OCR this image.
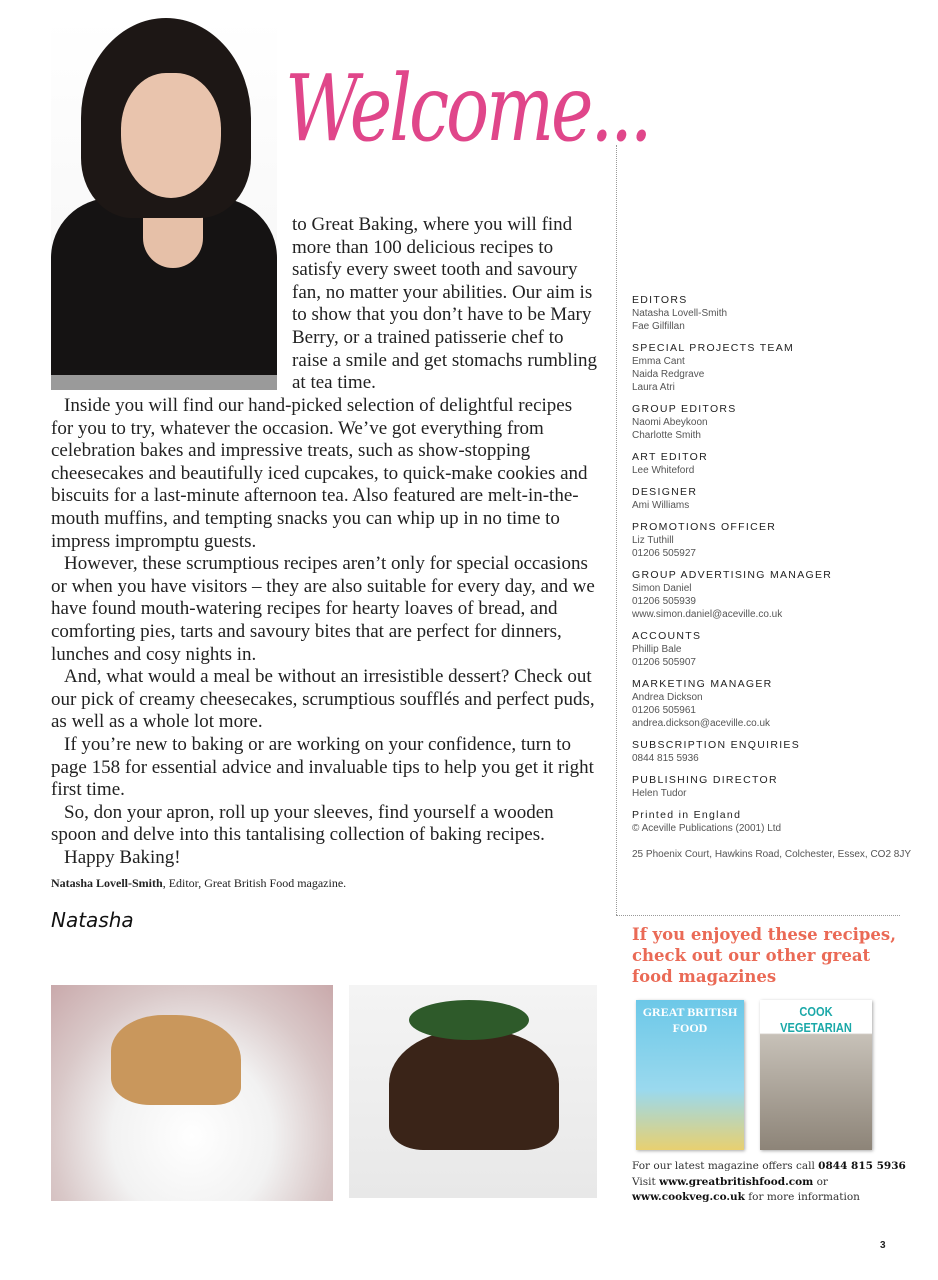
Welcome...
to Great Baking, where you will find more than 100 delicious recipes to satisfy every sweet tooth and savoury fan, no matter your abilities. Our aim is to show that you don’t have to be Mary Berry, or a trained patisserie chef to raise a smile and get stomachs rumbling at tea time.

Inside you will find our hand-picked selection of delightful recipes for you to try, whatever the occasion. We’ve got everything from celebration bakes and impressive treats, such as show-stopping cheesecakes and beautifully iced cupcakes, to quick-make cookies and biscuits for a last-minute afternoon tea. Also featured are melt-in-the-mouth muffins, and tempting snacks you can whip up in no time to impress impromptu guests.

However, these scrumptious recipes aren’t only for special occasions or when you have visitors – they are also suitable for every day, and we have found mouth-watering recipes for hearty loaves of bread, and comforting pies, tarts and savoury bites that are perfect for dinners, lunches and cosy nights in.

And, what would a meal be without an irresistible dessert? Check out our pick of creamy cheesecakes, scrumptious soufflés and perfect puds, as well as a whole lot more.

If you’re new to baking or are working on your confidence, turn to page 158 for essential advice and invaluable tips to help you get it right first time.

So, don your apron, roll up your sleeves, find yourself a wooden spoon and delve into this tantalising collection of baking recipes.

Happy Baking!

Natasha Lovell-Smith, Editor, Great British Food magazine.
Natasha
EDITORS
Natasha Lovell-Smith
Fae Gilfillan
SPECIAL PROJECTS TEAM
Emma Cant
Naida Redgrave
Laura Atri
GROUP EDITORS
Naomi Abeykoon
Charlotte Smith
ART EDITOR
Lee Whiteford
DESIGNER
Ami Williams
PROMOTIONS OFFICER
Liz Tuthill
01206 505927
GROUP ADVERTISING MANAGER
Simon Daniel
01206 505939
www.simon.daniel@aceville.co.uk
ACCOUNTS
Phillip Bale
01206 505907
MARKETING MANAGER
Andrea Dickson
01206 505961
andrea.dickson@aceville.co.uk
SUBSCRIPTION ENQUIRIES
0844 815 5936
PUBLISHING DIRECTOR
Helen Tudor
Printed in England
© Aceville Publications (2001) Ltd
25 Phoenix Court, Hawkins Road, Colchester, Essex, CO2 8JY
If you enjoyed these recipes, check out our other great food magazines
GREAT BRITISH FOOD
COOK VEGETARIAN
For our latest magazine offers call 0844 815 5936
Visit www.greatbritishfood.com or
www.cookveg.co.uk for more information
3
